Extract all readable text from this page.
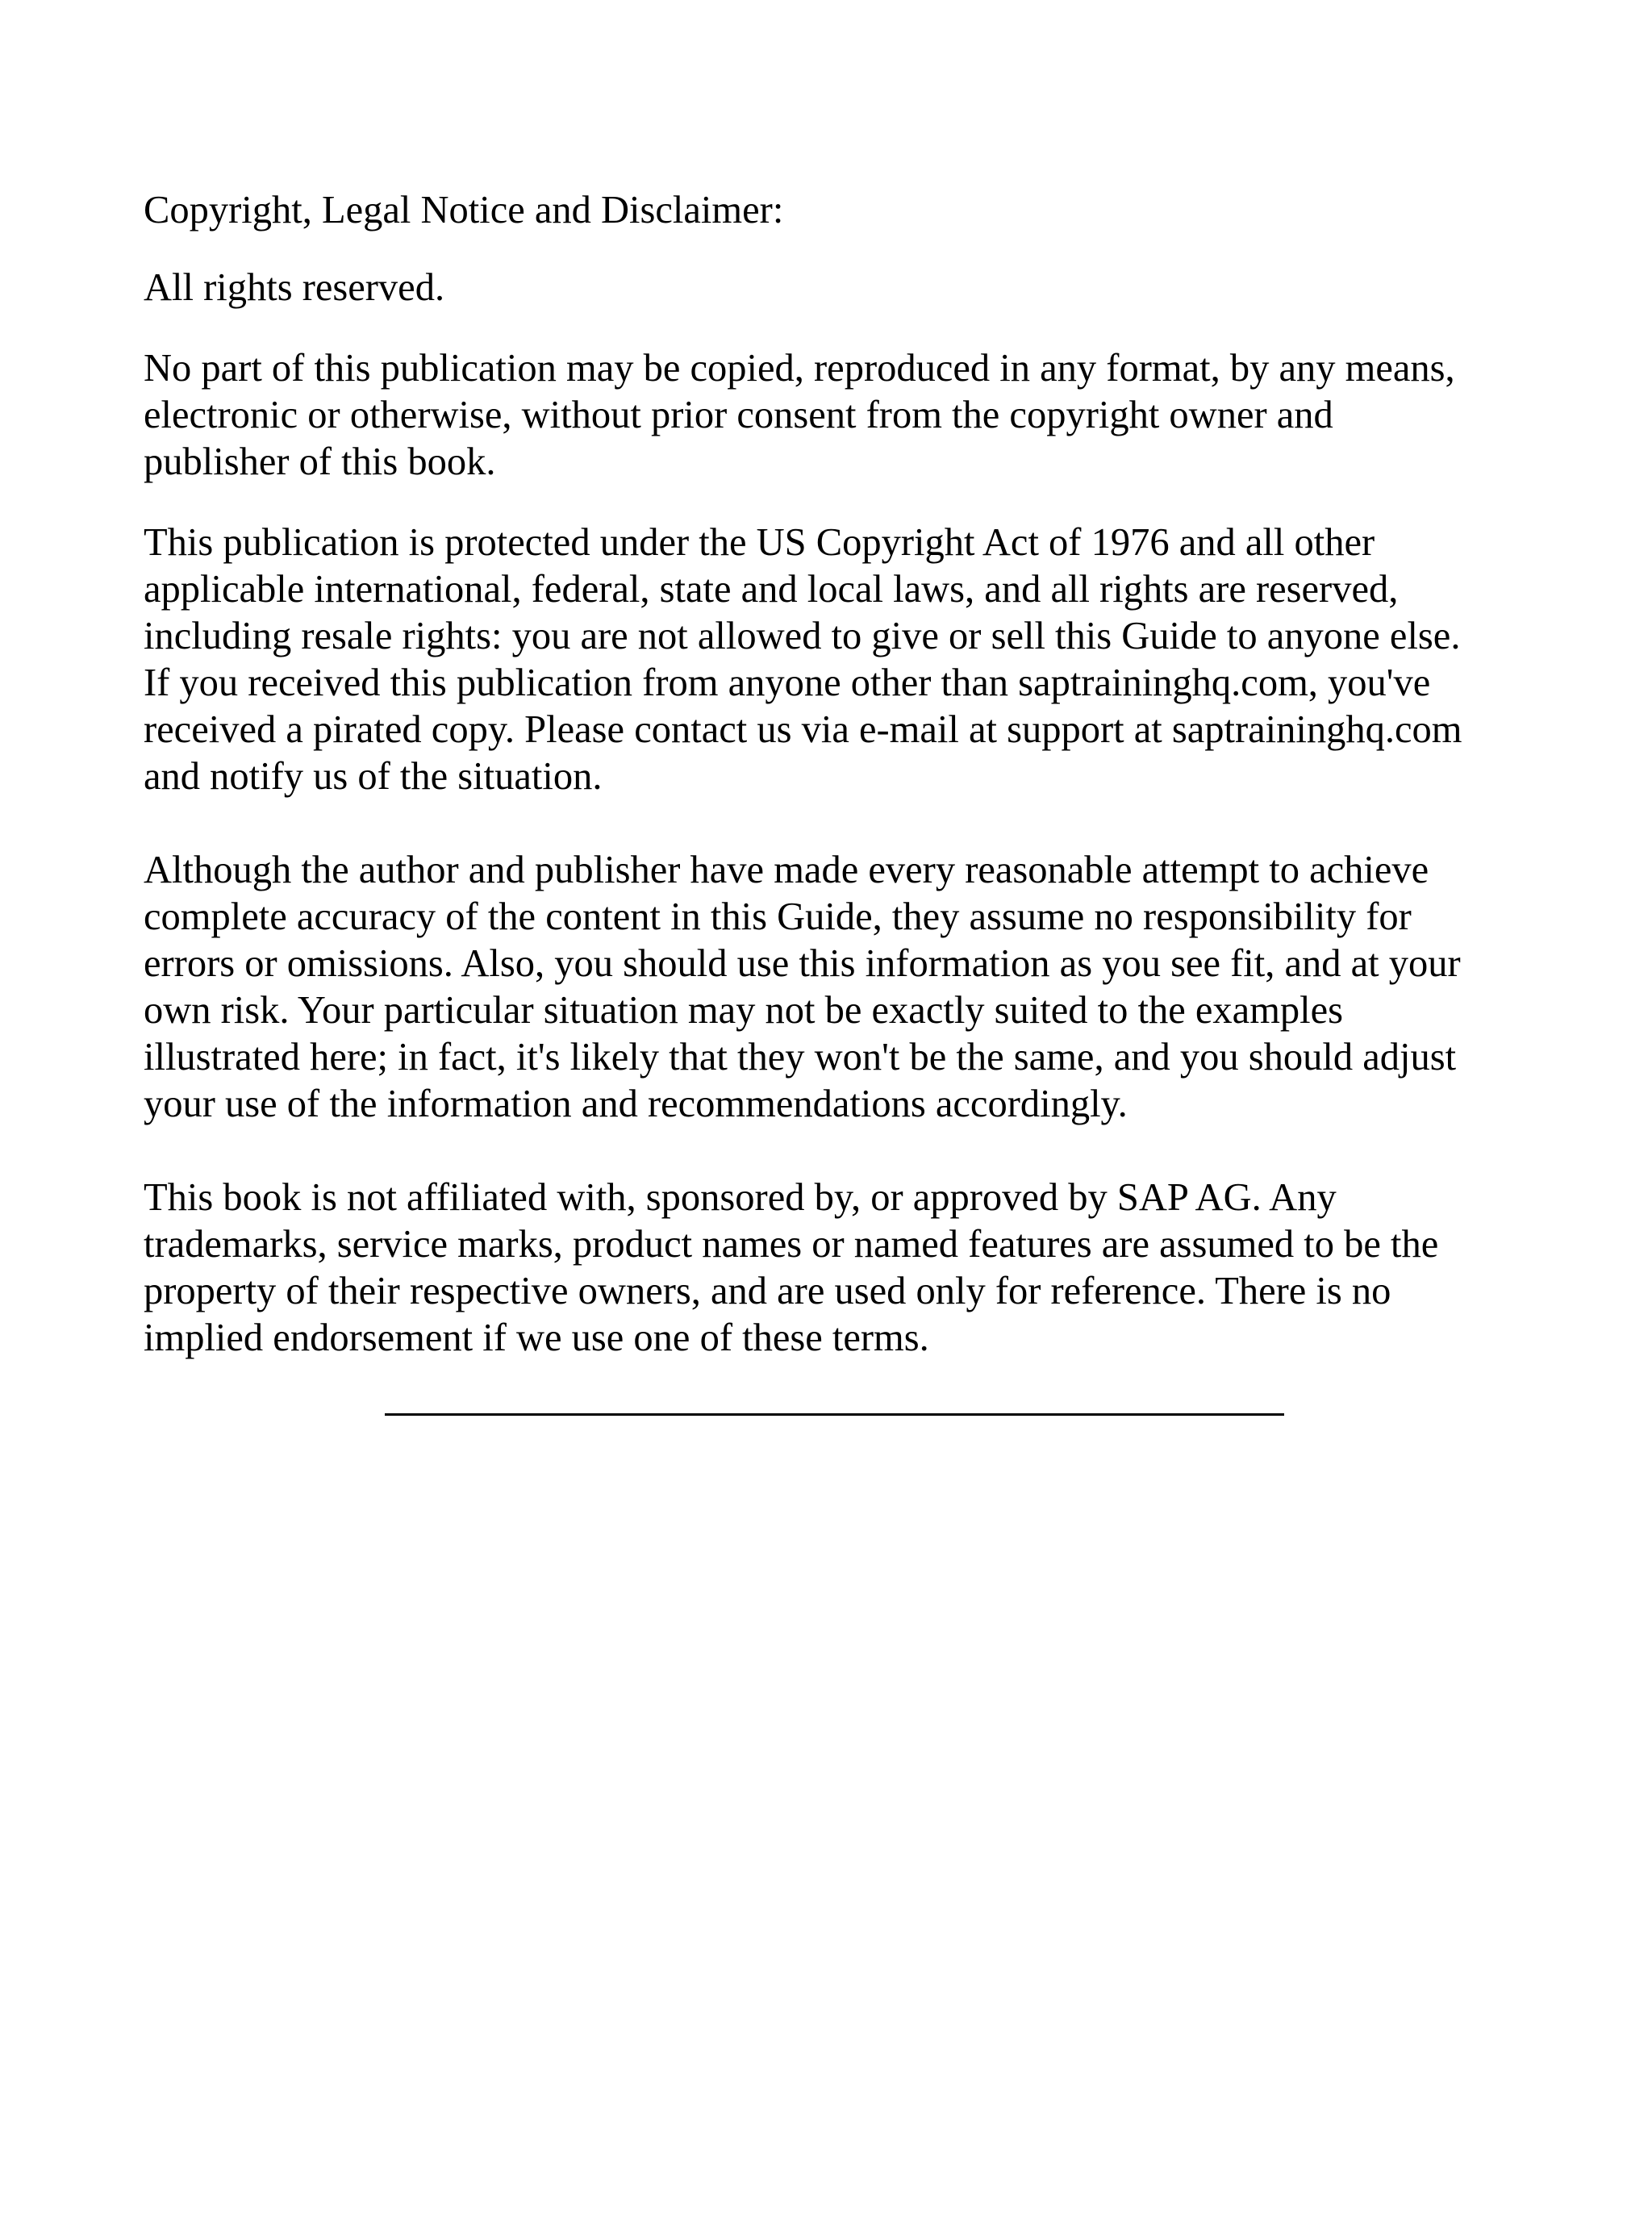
Copyright, Legal Notice and Disclaimer:
All rights reserved.
No part of this publication may be copied, reproduced in any format, by any means,
electronic or otherwise, without prior consent from the copyright owner and
publisher of this book.
This publication is protected under the US Copyright Act of 1976 and all other
applicable international, federal, state and local laws, and all rights are reserved,
including resale rights: you are not allowed to give or sell this Guide to anyone else.
If you received this publication from anyone other than saptraininghq.com, you've
received a pirated copy. Please contact us via e-mail at support at saptraininghq.com
and notify us of the situation.
Although the author and publisher have made every reasonable attempt to achieve
complete accuracy of the content in this Guide, they assume no responsibility for
errors or omissions. Also, you should use this information as you see fit, and at your
own risk. Your particular situation may not be exactly suited to the examples
illustrated here; in fact, it's likely that they won't be the same, and you should adjust
your use of the information and recommendations accordingly.
This book is not affiliated with, sponsored by, or approved by SAP AG. Any
trademarks, service marks, product names or named features are assumed to be the
property of their respective owners, and are used only for reference. There is no
implied endorsement if we use one of these terms.
